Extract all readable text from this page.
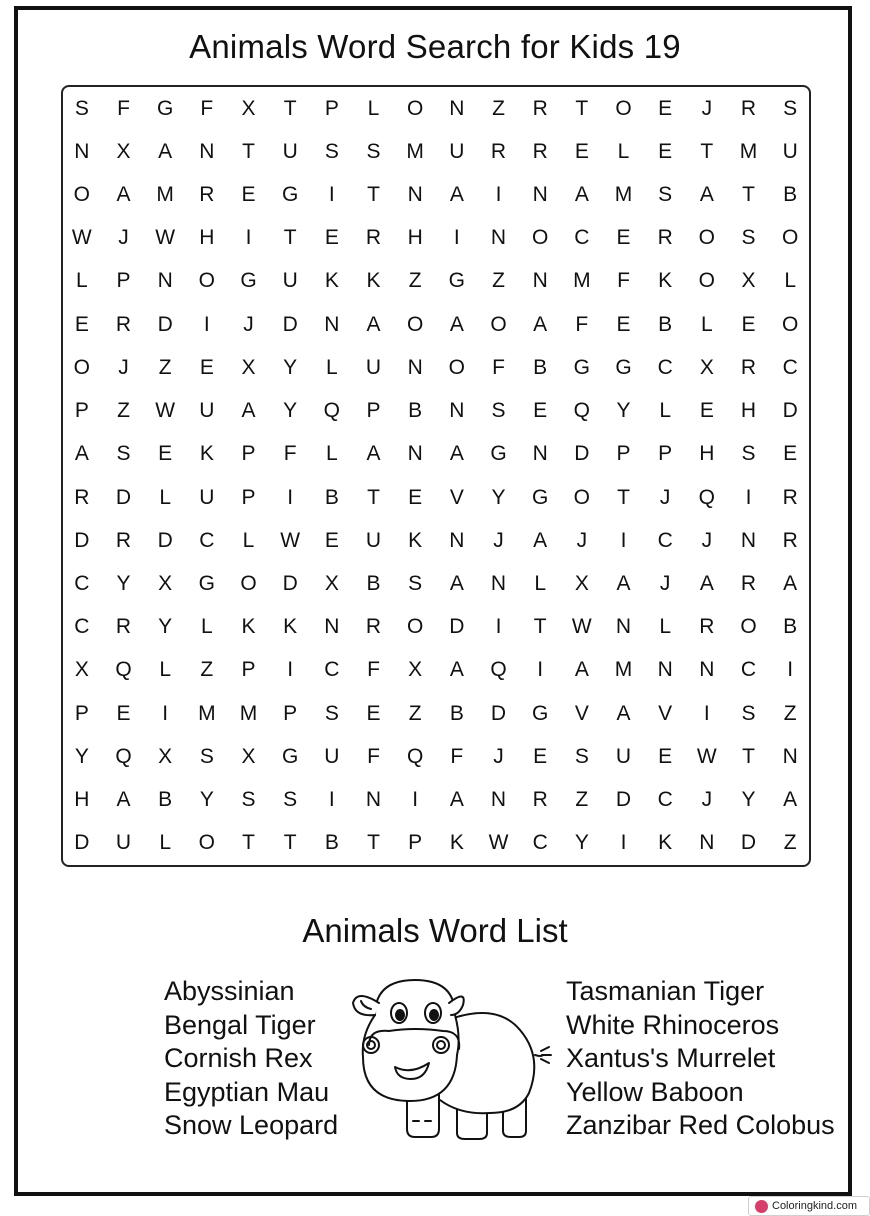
Animals Word Search for Kids 19
S	F	G	F	X	T	P	L	O	N	Z	R	T	O	E	J	R	S
N	X	A	N	T	U	S	S	M	U	R	R	E	L	E	T	M	U
O	A	M	R	E	G	I	T	N	A	I	N	A	M	S	A	T	B
W	J	W	H	I	T	E	R	H	I	N	O	C	E	R	O	S	O
L	P	N	O	G	U	K	K	Z	G	Z	N	M	F	K	O	X	L
E	R	D	I	J	D	N	A	O	A	O	A	F	E	B	L	E	O
O	J	Z	E	X	Y	L	U	N	O	F	B	G	G	C	X	R	C
P	Z	W	U	A	Y	Q	P	B	N	S	E	Q	Y	L	E	H	D
A	S	E	K	P	F	L	A	N	A	G	N	D	P	P	H	S	E
R	D	L	U	P	I	B	T	E	V	Y	G	O	T	J	Q	I	R
D	R	D	C	L	W	E	U	K	N	J	A	J	I	C	J	N	R
C	Y	X	G	O	D	X	B	S	A	N	L	X	A	J	A	R	A
C	R	Y	L	K	K	N	R	O	D	I	T	W	N	L	R	O	B
X	Q	L	Z	P	I	C	F	X	A	Q	I	A	M	N	N	C	I
P	E	I	M	M	P	S	E	Z	B	D	G	V	A	V	I	S	Z
Y	Q	X	S	X	G	U	F	Q	F	J	E	S	U	E	W	T	N
H	A	B	Y	S	S	I	N	I	A	N	R	Z	D	C	J	Y	A
D	U	L	O	T	T	B	T	P	K	W	C	Y	I	K	N	D	Z
Animals Word List
Abyssinian
Bengal Tiger
Cornish Rex
Egyptian Mau
Snow Leopard
Tasmanian Tiger
White Rhinoceros
Xantus's Murrelet
Yellow Baboon
Zanzibar Red Colobus
Coloringkind.com
